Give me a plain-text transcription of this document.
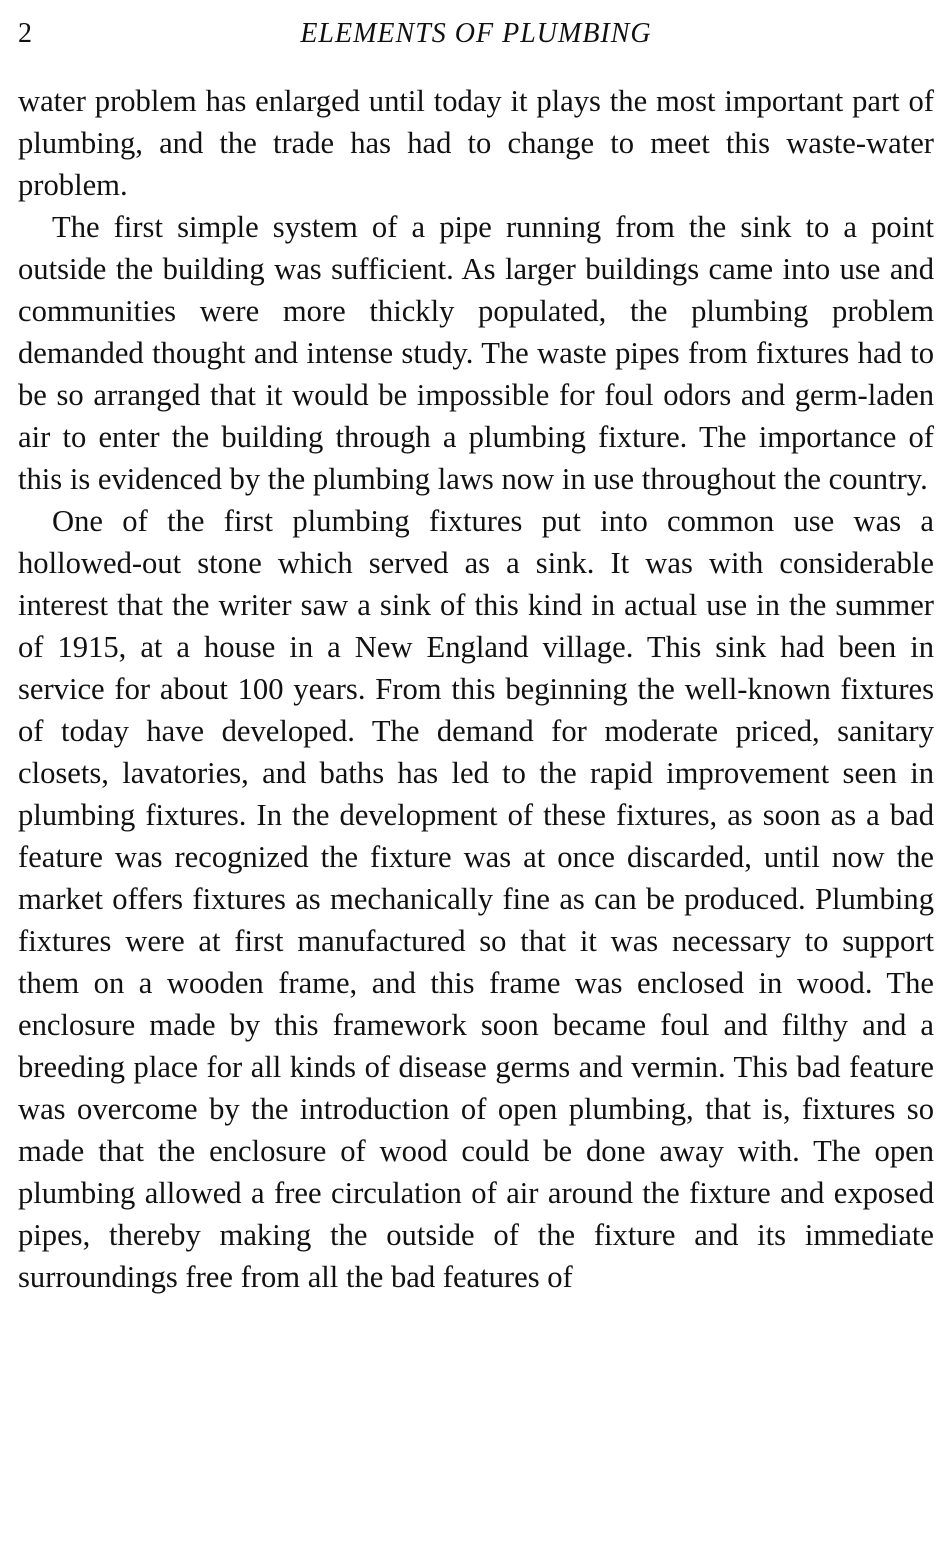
2	ELEMENTS OF PLUMBING

water problem has enlarged until today it plays the most important part of plumbing, and the trade has had to change to meet this waste-water problem.

The first simple system of a pipe running from the sink to a point outside the building was sufficient. As larger buildings came into use and communities were more thickly populated, the plumbing problem demanded thought and intense study. The waste pipes from fixtures had to be so arranged that it would be impossible for foul odors and germ-laden air to enter the building through a plumbing fixture. The importance of this is evidenced by the plumbing laws now in use throughout the country.

One of the first plumbing fixtures put into common use was a hollowed-out stone which served as a sink. It was with considerable interest that the writer saw a sink of this kind in actual use in the summer of 1915, at a house in a New England village. This sink had been in service for about 100 years. From this beginning the well-known fixtures of today have developed. The demand for moderate priced, sanitary closets, lavatories, and baths has led to the rapid improvement seen in plumbing fixtures. In the development of these fixtures, as soon as a bad feature was recognized the fixture was at once discarded, until now the market offers fixtures as mechanically fine as can be produced. Plumbing fixtures were at first manufactured so that it was necessary to support them on a wooden frame, and this frame was enclosed in wood. The enclosure made by this framework soon became foul and filthy and a breeding place for all kinds of disease germs and vermin. This bad feature was overcome by the introduction of open plumbing, that is, fixtures so made that the enclosure of wood could be done away with. The open plumbing allowed a free circulation of air around the fixture and exposed pipes, thereby making the outside of the fixture and its immediate surroundings free from all the bad features of
